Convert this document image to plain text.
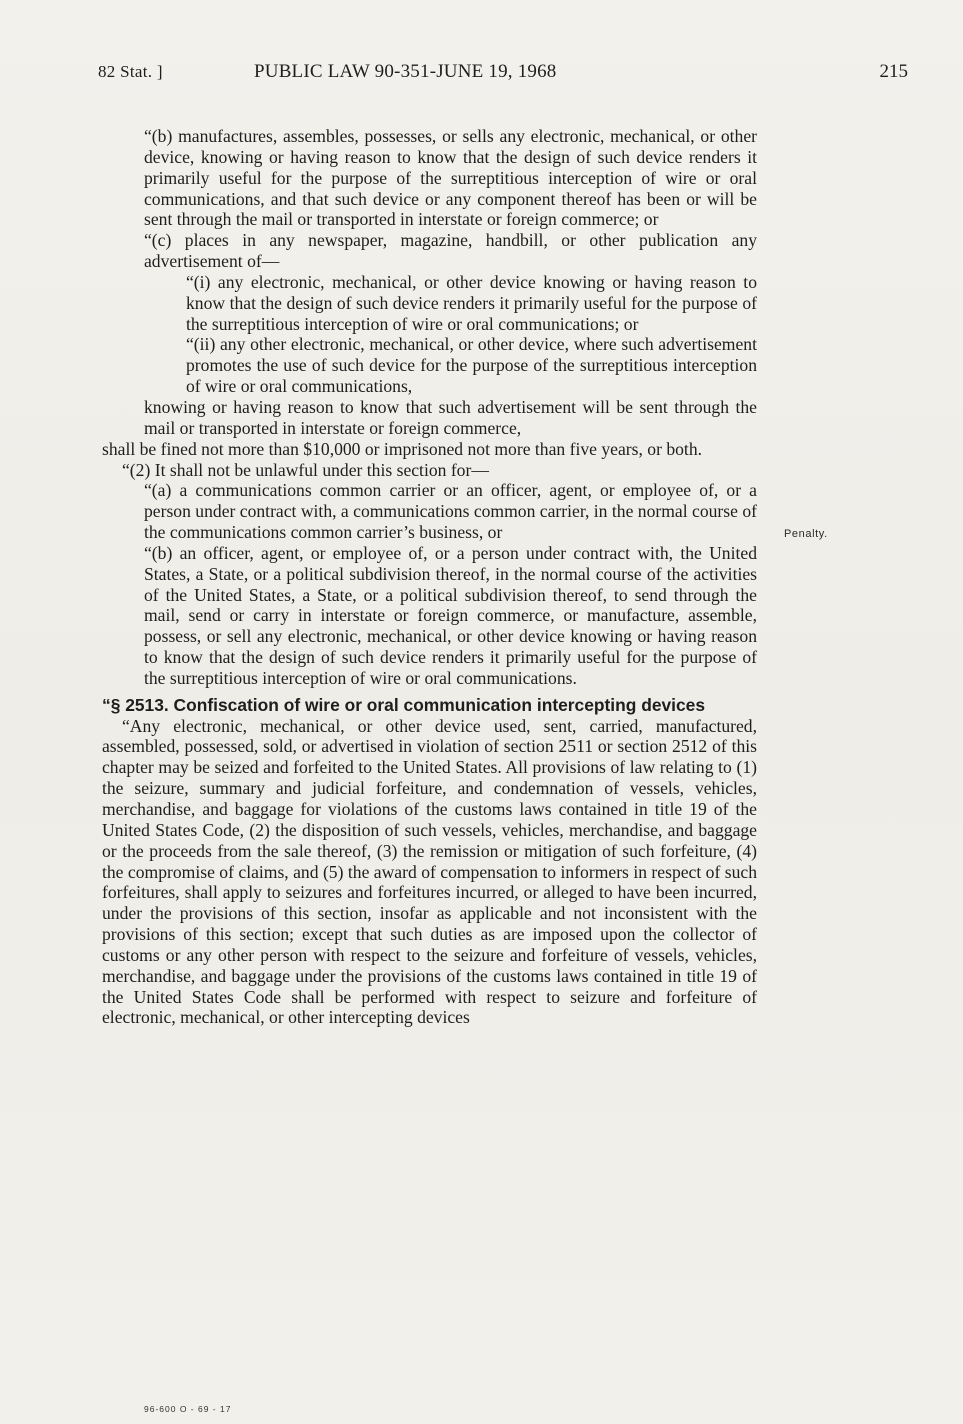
82 Stat. ]	PUBLIC LAW 90-351-JUNE 19, 1968	215
Penalty.

“(b) manufactures, assembles, possesses, or sells any electronic, mechanical, or other device, knowing or having reason to know that the design of such device renders it primarily useful for the purpose of the surreptitious interception of wire or oral communications, and that such device or any component thereof has been or will be sent through the mail or transported in interstate or foreign commerce; or

“(c) places in any newspaper, magazine, handbill, or other publication any advertisement of—

“(i) any electronic, mechanical, or other device knowing or having reason to know that the design of such device renders it primarily useful for the purpose of the surreptitious interception of wire or oral communications; or

“(ii) any other electronic, mechanical, or other device, where such advertisement promotes the use of such device for the purpose of the surreptitious interception of wire or oral communications,

knowing or having reason to know that such advertisement will be sent through the mail or transported in interstate or foreign commerce,

shall be fined not more than $10,000 or imprisoned not more than five years, or both.

“(2) It shall not be unlawful under this section for—

“(a) a communications common carrier or an officer, agent, or employee of, or a person under contract with, a communications common carrier, in the normal course of the communications common carrier’s business, or

“(b) an officer, agent, or employee of, or a person under contract with, the United States, a State, or a political subdivision thereof, in the normal course of the activities of the United States, a State, or a political subdivision thereof, to send through the mail, send or carry in interstate or foreign commerce, or manufacture, assemble, possess, or sell any electronic, mechanical, or other device knowing or having reason to know that the design of such device renders it primarily useful for the purpose of the surreptitious interception of wire or oral communications.

“§ 2513. Confiscation of wire or oral communication intercepting devices

“Any electronic, mechanical, or other device used, sent, carried, manufactured, assembled, possessed, sold, or advertised in violation of section 2511 or section 2512 of this chapter may be seized and forfeited to the United States. All provisions of law relating to (1) the seizure, summary and judicial forfeiture, and condemnation of vessels, vehicles, merchandise, and baggage for violations of the customs laws contained in title 19 of the United States Code, (2) the disposition of such vessels, vehicles, merchandise, and baggage or the proceeds from the sale thereof, (3) the remission or mitigation of such forfeiture, (4) the compromise of claims, and (5) the award of compensation to informers in respect of such forfeitures, shall apply to seizures and forfeitures incurred, or alleged to have been incurred, under the provisions of this section, insofar as applicable and not inconsistent with the provisions of this section; except that such duties as are imposed upon the collector of customs or any other person with respect to the seizure and forfeiture of vessels, vehicles, merchandise, and baggage under the provisions of the customs laws contained in title 19 of the United States Code shall be performed with respect to seizure and forfeiture of electronic, mechanical, or other intercepting devices

96-600 O - 69 - 17
